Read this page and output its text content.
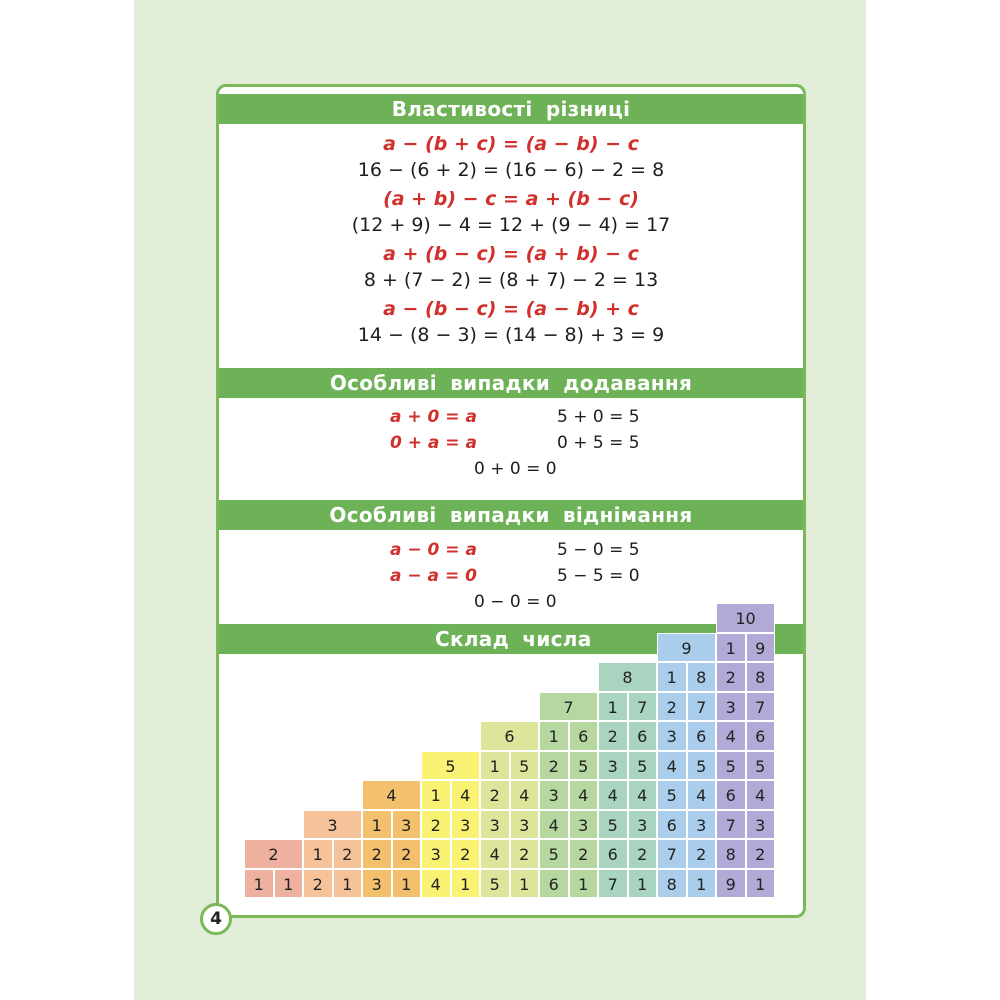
Властивості різниці
a − (b + c) = (a − b) − c
16 − (6 + 2) = (16 − 6) − 2 = 8
(a + b) − c = a + (b − c)
(12 + 9) − 4 = 12 + (9 − 4) = 17
a + (b − c) = (a + b) − c
8 + (7 − 2) = (8 + 7) − 2 = 13
a − (b − c) = (a − b) + c
14 − (8 − 3) = (14 − 8) + 3 = 9
Особливі випадки додавання
a + 0 = a	5 + 0 = 5
0 + a = a	0 + 5 = 5
0 + 0 = 0
Особливі випадки віднімання
a − 0 = a	5 − 0 = 5
a − a = 0	5 − 5 = 0
0 − 0 = 0
Склад числа
2
1	1
3
1	2
2	1
4
1	3
2	2
3	1
5
1	4
2	3
3	2
4	1
6
1	5
2	4
3	3
4	2
5	1
7
1	6
2	5
3	4
4	3
5	2
6	1
8
1	7
2	6
3	5
4	4
5	3
6	2
7	1
9
1	8
2	7
3	6
4	5
5	4
6	3
7	2
8	1
10
1	9
2	8
3	7
4	6
5	5
6	4
7	3
8	2
9	1
4
